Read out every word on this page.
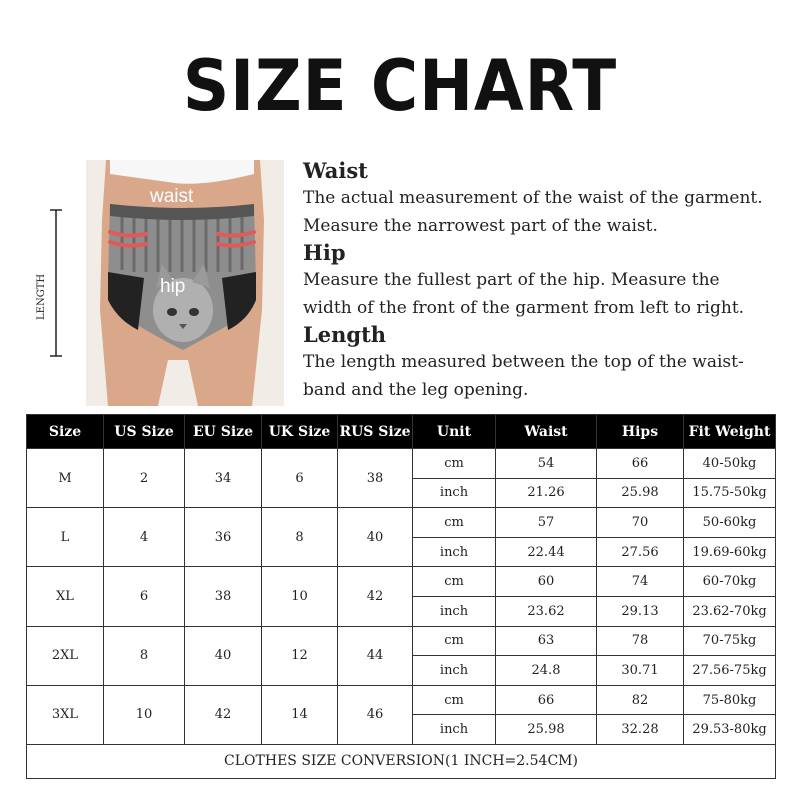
SIZE CHART
waist
hip
LENGTH
Waist
The actual measurement of the waist of the garment.
Measure the narrowest part of the waist.
Hip
Measure the fullest part of the hip. Measure the
width of the front of the garment from left to right.
Length
The length measured between the top of the waist-
band and the leg opening.
Size	US Size	EU Size	UK Size	RUS Size	Unit	Waist	Hips	Fit Weight
M	2	34	6	38	cm	54	66	40-50kg
					inch	21.26	25.98	15.75-50kg
L	4	36	8	40	cm	57	70	50-60kg
					inch	22.44	27.56	19.69-60kg
XL	6	38	10	42	cm	60	74	60-70kg
					inch	23.62	29.13	23.62-70kg
2XL	8	40	12	44	cm	63	78	70-75kg
					inch	24.8	30.71	27.56-75kg
3XL	10	42	14	46	cm	66	82	75-80kg
					inch	25.98	32.28	29.53-80kg
CLOTHES SIZE CONVERSION(1 INCH=2.54CM)								
